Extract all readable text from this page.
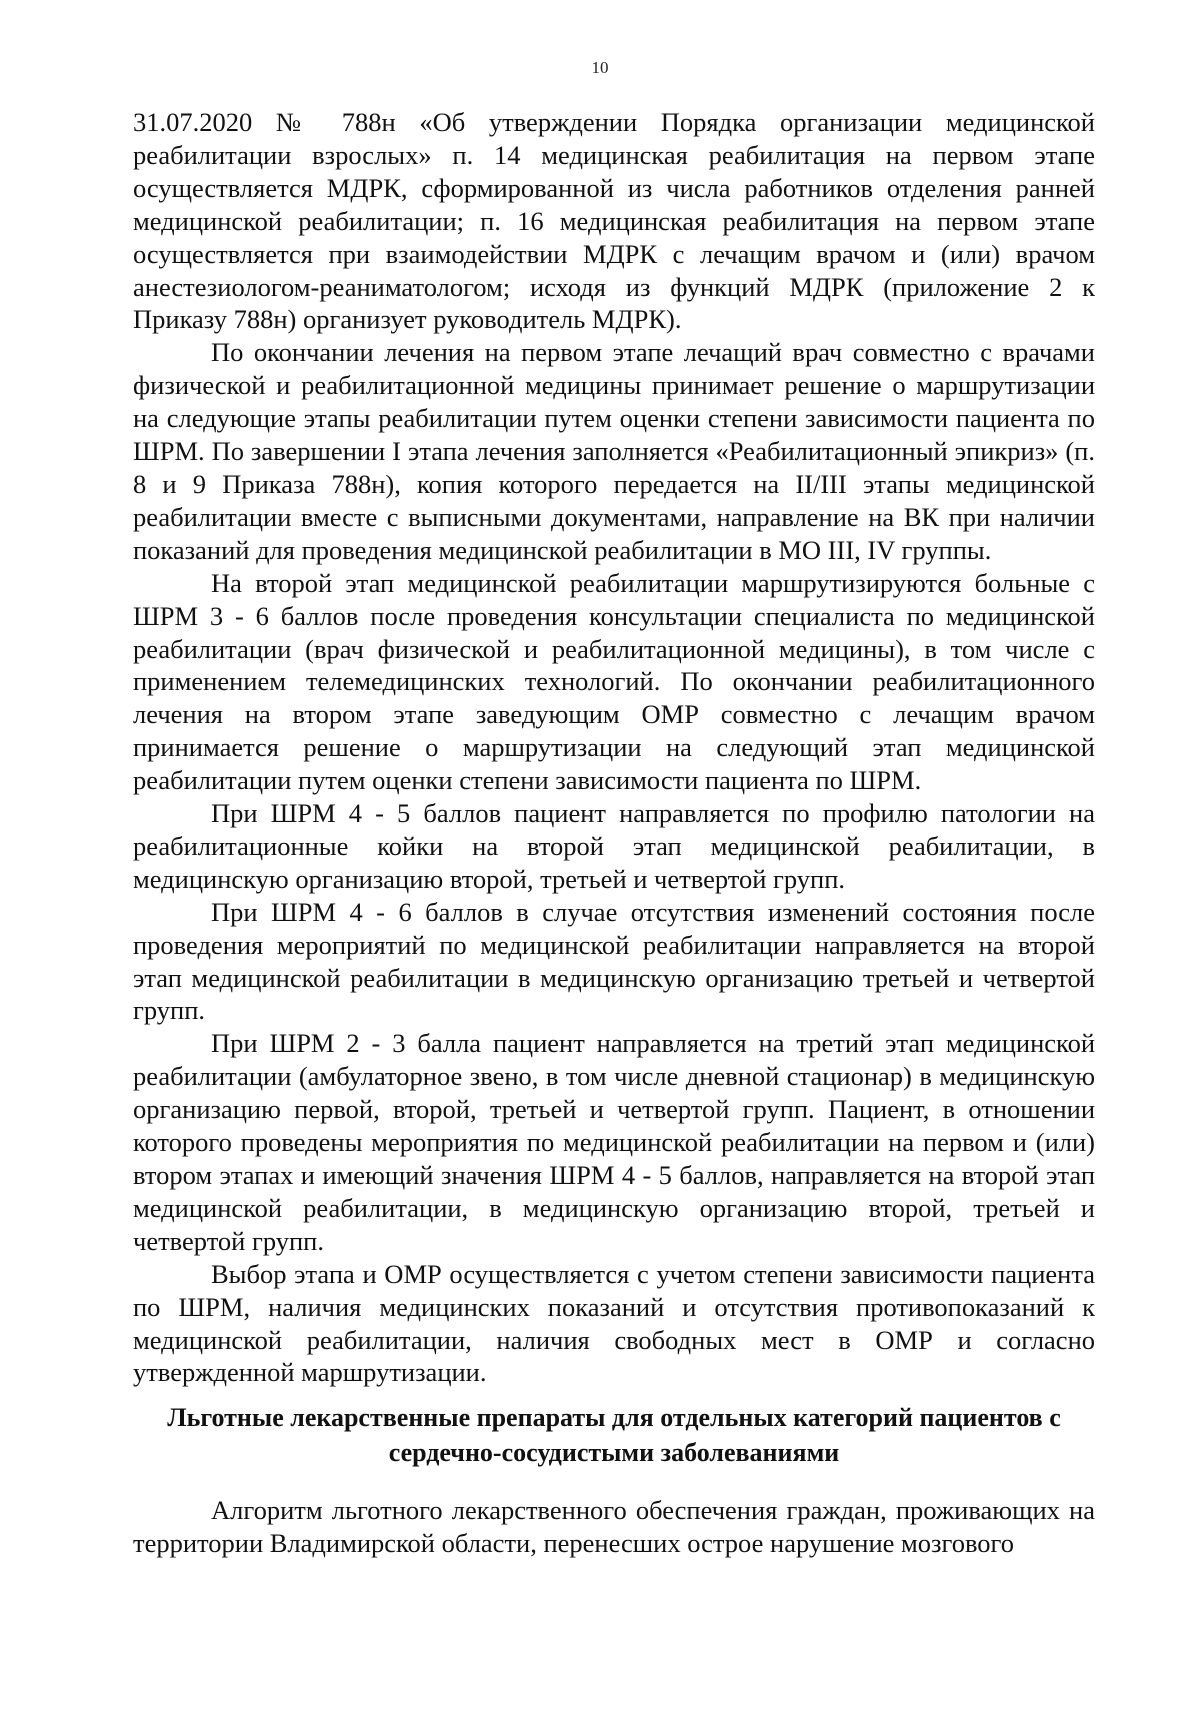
10

31.07.2020 № 788н «Об утверждении Порядка организации медицинской реабилитации взрослых» п. 14 медицинская реабилитация на первом этапе осуществляется МДРК, сформированной из числа работников отделения ранней медицинской реабилитации; п. 16 медицинская реабилитация на первом этапе осуществляется при взаимодействии МДРК с лечащим врачом и (или) врачом анестезиологом-реаниматологом; исходя из функций МДРК (приложение 2 к Приказу 788н) организует руководитель МДРК).

По окончании лечения на первом этапе лечащий врач совместно с врачами физической и реабилитационной медицины принимает решение о маршрутизации на следующие этапы реабилитации путем оценки степени зависимости пациента по ШРМ. По завершении I этапа лечения заполняется «Реабилитационный эпикриз» (п. 8 и 9 Приказа 788н), копия которого передается на II/III этапы медицинской реабилитации вместе с выписными документами, направление на ВК при наличии показаний для проведения медицинской реабилитации в МО III, IV группы.

На второй этап медицинской реабилитации маршрутизируются больные с ШРМ 3 - 6 баллов после проведения консультации специалиста по медицинской реабилитации (врач физической и реабилитационной медицины), в том числе с применением телемедицинских технологий. По окончании реабилитационного лечения на втором этапе заведующим ОМР совместно с лечащим врачом принимается решение о маршрутизации на следующий этап медицинской реабилитации путем оценки степени зависимости пациента по ШРМ.

При ШРМ 4 - 5 баллов пациент направляется по профилю патологии на реабилитационные койки на второй этап медицинской реабилитации, в медицинскую организацию второй, третьей и четвертой групп.

При ШРМ 4 - 6 баллов в случае отсутствия изменений состояния после проведения мероприятий по медицинской реабилитации направляется на второй этап медицинской реабилитации в медицинскую организацию третьей и четвертой групп.

При ШРМ 2 - 3 балла пациент направляется на третий этап медицинской реабилитации (амбулаторное звено, в том числе дневной стационар) в медицинскую организацию первой, второй, третьей и четвертой групп. Пациент, в отношении которого проведены мероприятия по медицинской реабилитации на первом и (или) втором этапах и имеющий значения ШРМ 4 - 5 баллов, направляется на второй этап медицинской реабилитации, в медицинскую организацию второй, третьей и четвертой групп.

Выбор этапа и ОМР осуществляется с учетом степени зависимости пациента по ШРМ, наличия медицинских показаний и отсутствия противопоказаний к медицинской реабилитации, наличия свободных мест в ОМР и согласно утвержденной маршрутизации.

Льготные лекарственные препараты для отдельных категорий пациентов с
сердечно-сосудистыми заболеваниями

Алгоритм льготного лекарственного обеспечения граждан, проживающих на территории Владимирской области, перенесших острое нарушение мозгового
